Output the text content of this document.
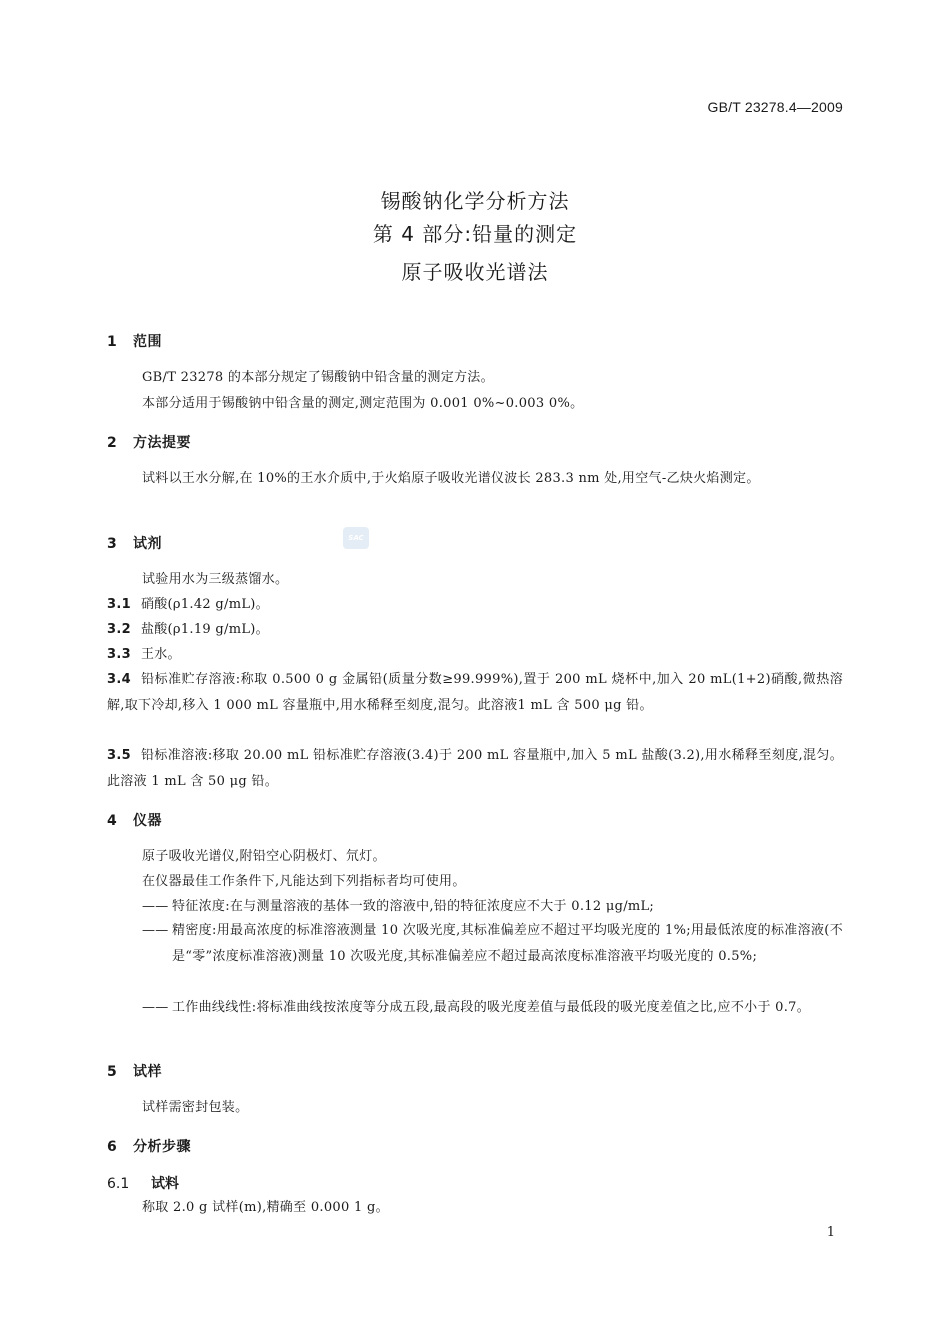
GB/T 23278.4—2009
锡酸钠化学分析方法
第 4 部分:铅量的测定
原子吸收光谱法
1 范围
GB/T 23278 的本部分规定了锡酸钠中铅含量的测定方法。
本部分适用于锡酸钠中铅含量的测定,测定范围为 0.001 0%~0.003 0%。
2 方法提要
试料以王水分解,在 10%的王水介质中,于火焰原子吸收光谱仪波长 283.3 nm 处,用空气-乙炔火焰测定。
SAC
3 试剂
试验用水为三级蒸馏水。
3.1 硝酸(ρ1.42 g/mL)。
3.2 盐酸(ρ1.19 g/mL)。
3.3 王水。
3.4 铅标准贮存溶液:称取 0.500 0 g 金属铅(质量分数≥99.999%),置于 200 mL 烧杯中,加入 20 mL(1+2)硝酸,微热溶解,取下冷却,移入 1 000 mL 容量瓶中,用水稀释至刻度,混匀。此溶液1 mL 含 500 μg 铅。
3.5 铅标准溶液:移取 20.00 mL 铅标准贮存溶液(3.4)于 200 mL 容量瓶中,加入 5 mL 盐酸(3.2),用水稀释至刻度,混匀。此溶液 1 mL 含 50 μg 铅。
4 仪器
原子吸收光谱仪,附铅空心阴极灯、氘灯。
在仪器最佳工作条件下,凡能达到下列指标者均可使用。
—— 特征浓度:在与测量溶液的基体一致的溶液中,铅的特征浓度应不大于 0.12 μg/mL;
—— 精密度:用最高浓度的标准溶液测量 10 次吸光度,其标准偏差应不超过平均吸光度的 1%;用最低浓度的标准溶液(不是“零”浓度标准溶液)测量 10 次吸光度,其标准偏差应不超过最高浓度标准溶液平均吸光度的 0.5%;
—— 工作曲线线性:将标准曲线按浓度等分成五段,最高段的吸光度差值与最低段的吸光度差值之比,应不小于 0.7。
5 试样
试样需密封包装。
6 分析步骤
6.1 试料
称取 2.0 g 试样(m),精确至 0.000 1 g。
1
